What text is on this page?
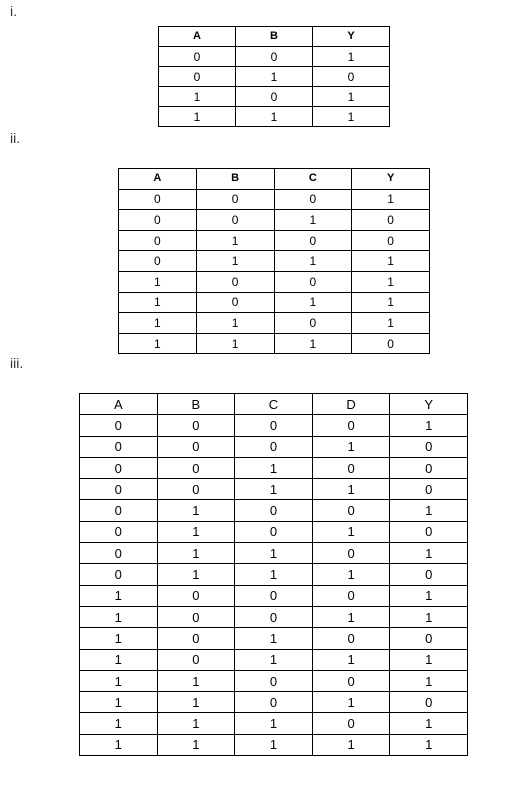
i.
A	B	Y
0	0	1
0	1	0
1	0	1
1	1	1
ii.
A	B	C	Y
0	0	0	1
0	0	1	0
0	1	0	0
0	1	1	1
1	0	0	1
1	0	1	1
1	1	0	1
1	1	1	0
iii.
A	B	C	D	Y
0	0	0	0	1
0	0	0	1	0
0	0	1	0	0
0	0	1	1	0
0	1	0	0	1
0	1	0	1	0
0	1	1	0	1
0	1	1	1	0
1	0	0	0	1
1	0	0	1	1
1	0	1	0	0
1	0	1	1	1
1	1	0	0	1
1	1	0	1	0
1	1	1	0	1
1	1	1	1	1
